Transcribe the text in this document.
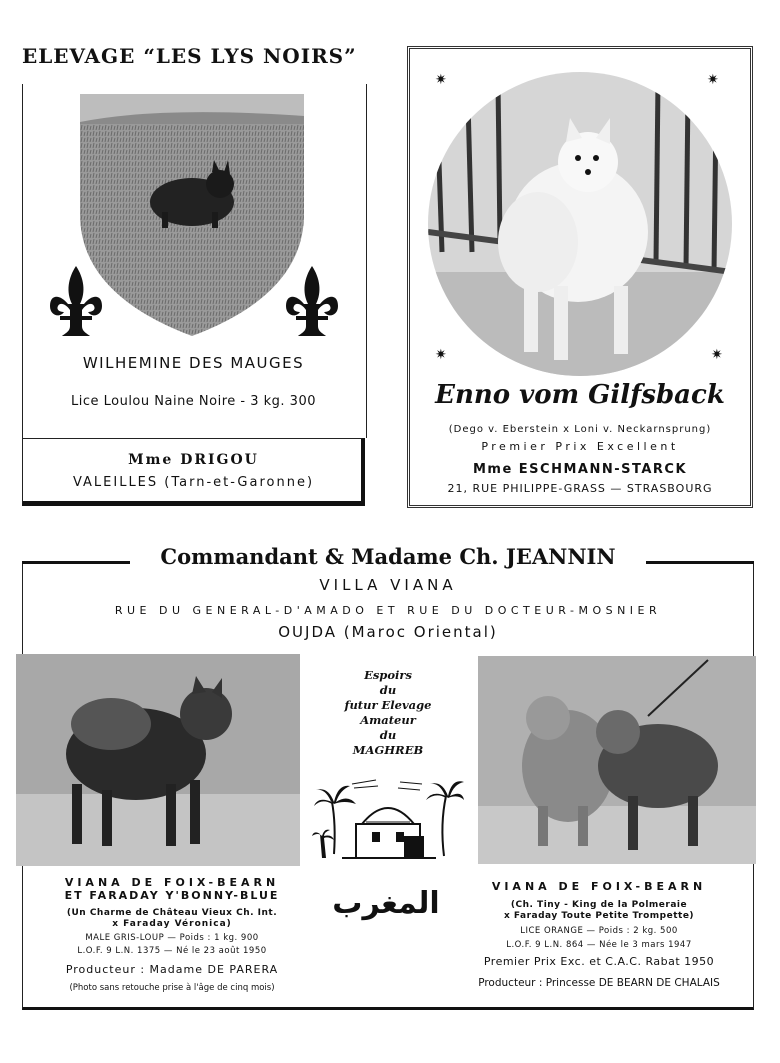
ELEVAGE “LES LYS NOIRS”
WILHEMINE DES MAUGES
Lice Loulou Naine Noire - 3 kg. 300
Mme DRIGOU
VALEILLES (Tarn-et-Garonne)
✷	✷
✷	✷
Enno vom Gilfsback
(Dego v. Eberstein x Loni v. Neckarnsprung)
Premier Prix Excellent
Mme ESCHMANN-STARCK
21, RUE PHILIPPE-GRASS — STRASBOURG
Commandant & Madame Ch. JEANNIN
VILLA VIANA
RUE DU GENERAL-D'AMADO ET RUE DU DOCTEUR-MOSNIER
OUJDA (Maroc Oriental)
Espoirs
du
futur Elevage
Amateur
du
MAGHREB
المغرب
VIANA DE FOIX-BEARN
ET FARADAY Y'BONNY-BLUE
(Un Charme de Château Vieux Ch. Int.
x Faraday Véronica)
MALE GRIS-LOUP — Poids : 1 kg. 900
L.O.F. 9 L.N. 1375 — Né le 23 août 1950
Producteur : Madame DE PARERA
(Photo sans retouche prise à l'âge de cinq mois)
VIANA DE FOIX-BEARN
(Ch. Tiny - King de la Polmeraie
x Faraday Toute Petite Trompette)
LICE ORANGE — Poids : 2 kg. 500
L.O.F. 9 L.N. 864 — Née le 3 mars 1947
Premier Prix Exc. et C.A.C. Rabat 1950
Producteur : Princesse DE BEARN DE CHALAIS
